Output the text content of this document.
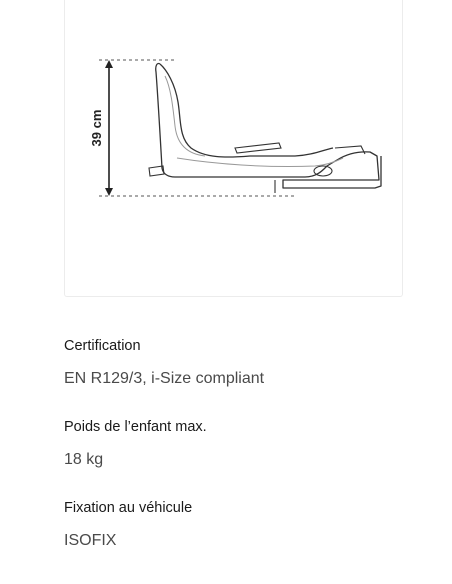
39 cm
Certification
EN R129/3, i-Size compliant
Poids de l’enfant max.
18 kg
Fixation au véhicule
ISOFIX
